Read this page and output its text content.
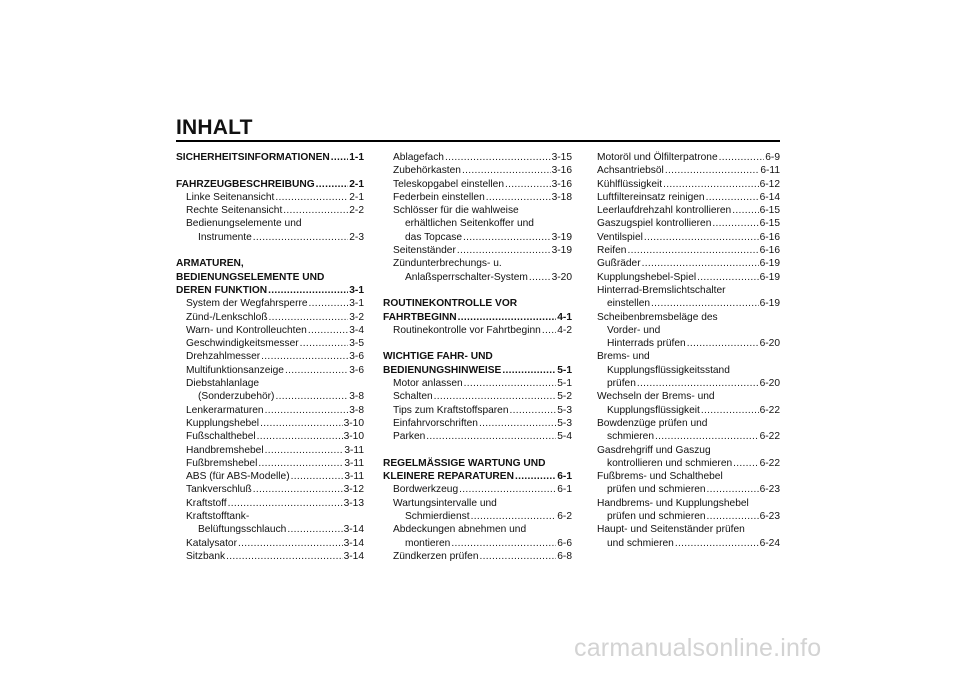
INHALT
SICHERHEITSINFORMATIONEN ..... 1-1
FAHRZEUGBESCHREIBUNG .....	2-1
Linke Seitenansicht .....	2-1
Rechte Seitenansicht .....	2-2
Bedienungselemente und
Instrumente .....	2-3
ARMATUREN,
BEDIENUNGSELEMENTE UND
DEREN FUNKTION .....	3-1
System der Wegfahrsperre .....	3-1
Zünd-/Lenkschloß .....	3-2
Warn- und Kontrolleuchten .....	3-4
Geschwindigkeitsmesser .....	3-5
Drehzahlmesser .....	3-6
Multifunktionsanzeige .....	3-6
Diebstahlanlage
(Sonderzubehör) .....	3-8
Lenkerarmaturen .....	3-8
Kupplungshebel .....	3-10
Fußschalthebel .....	3-10
Handbremshebel .....	3-11
Fußbremshebel .....	3-11
ABS (für ABS-Modelle) .....	3-11
Tankverschluß .....	3-12
Kraftstoff .....	3-13
Kraftstofftank-
Belüftungsschlauch .....	3-14
Katalysator .....	3-14
Sitzbank .....	3-14
Ablagefach .....	3-15
Zubehörkasten .....	3-16
Teleskopgabel einstellen .....	3-16
Federbein einstellen .....	3-18
Schlösser für die wahlweise
erhältlichen Seitenkoffer und
das Topcase .....	3-19
Seitenständer .....	3-19
Zündunterbrechungs- u.
Anlaßsperrschalter-System ..... 3-20
ROUTINEKONTROLLE VOR
FAHRTBEGINN .....	4-1
Routinekontrolle vor Fahrtbeginn ..... 4-2
WICHTIGE FAHR- UND
BEDIENUNGSHINWEISE .....	5-1
Motor anlassen .....	5-1
Schalten .....	5-2
Tips zum Kraftstoffsparen .....	5-3
Einfahrvorschriften .....	5-3
Parken .....	5-4
REGELMÄSSIGE WARTUNG UND
KLEINERE REPARATUREN .....	6-1
Bordwerkzeug .....	6-1
Wartungsintervalle und
Schmierdienst .....	6-2
Abdeckungen abnehmen und
montieren .....	6-6
Zündkerzen prüfen .....	6-8
Motoröl und Ölfilterpatrone .....	6-9
Achsantriebsöl .....	6-11
Kühlflüssigkeit .....	6-12
Luftfiltereinsatz reinigen .....	6-14
Leerlaufdrehzahl kontrollieren .....	6-15
Gaszugspiel kontrollieren .....	6-15
Ventilspiel .....	6-16
Reifen .....	6-16
Gußräder .....	6-19
Kupplungshebel-Spiel .....	6-19
Hinterrad-Bremslichtschalter
einstellen .....	6-19
Scheibenbremsbeläge des
Vorder- und
Hinterrads prüfen .....	6-20
Brems- und
Kupplungsflüssigkeitsstand
prüfen .....	6-20
Wechseln der Brems- und
Kupplungsflüssigkeit .....	6-22
Bowdenzüge prüfen und
schmieren .....	6-22
Gasdrehgriff und Gaszug
kontrollieren und schmieren .....	6-22
Fußbrems- und Schalthebel
prüfen und schmieren .....	6-23
Handbrems- und Kupplungshebel
prüfen und schmieren .....	6-23
Haupt- und Seitenständer prüfen
und schmieren .....	6-24
carmanualsonline.info
